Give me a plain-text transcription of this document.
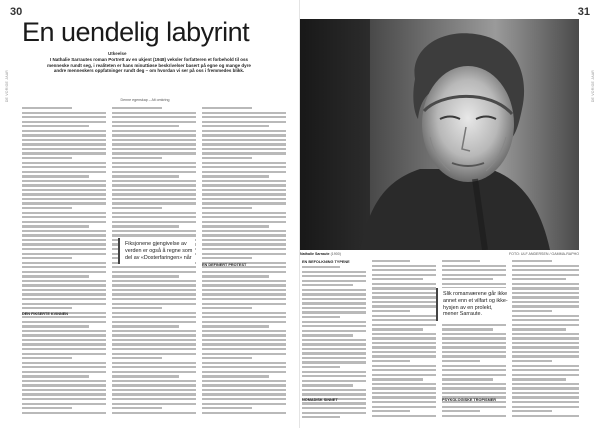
30	31
DE VORIGE JAAR	DE VORIGE JAAR
En uendelig labyrint
Utkeelse
I Nathalie Sarrautes roman Portrett av en ukjent (1948) veksler forfatteren et forbehold til oss menneske rundt seg, i realiteten er hans minuttiøse beskrivelser basert på egne og mange dyre andre menneskers oppfatninger rundt deg – om hvordan vi ser på oss i fremmedes blikk.
Denne egenskap – Alt omkring
DEN FIKSERTE KVINNEN
EN DEFINERT PROTEST
Fiksjonene gjengivelse av verden er også å regne som del av «Dosterfaringen» når
Nathalie Sarraute (1900)	FOTO: ULF ANDERSEN / GAMMA-RAPHO
EN BEFOLKNING TYPENE
PSYKOLOGISKE TROPISMER
NOMADISK SINNET
Slik romanværene går ikke annet enn et vilfart og ikke-hysjen av en prolekt, mener Sarraute.
